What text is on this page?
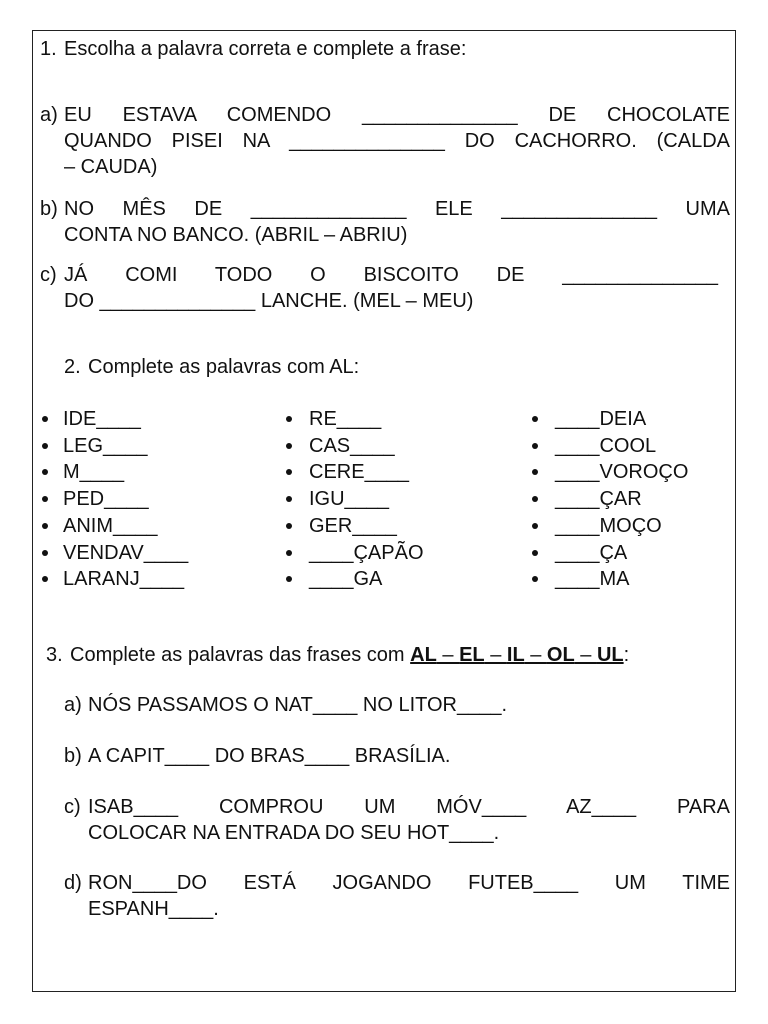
1. Escolha a palavra correta e complete a frase:
a) EU ESTAVA COMENDO ______________ DE CHOCOLATE
QUANDO PISEI NA ______________ DO CACHORRO. (CALDA
– CAUDA)
b) NO MÊS DE ______________ ELE ______________ UMA
CONTA NO BANCO. (ABRIL – ABRIU)
c) JÁ COMI TODO O BISCOITO DE ______________
DO ______________ LANCHE. (MEL – MEU)
2. Complete as palavras com AL:
IDE____
LEG____
M____
PED____
ANIM____
VENDAV____
LARANJ____
RE____
CAS____
CERE____
IGU____
GER____
____ÇAPÃO
____GA
____DEIA
____COOL
____VOROÇO
____ÇAR
____MOÇO
____ÇA
____MA
3. Complete as palavras das frases com AL – EL – IL – OL – UL:
a) NÓS PASSAMOS O NAT____ NO LITOR____.
b) A CAPIT____ DO BRAS____ BRASÍLIA.
c) ISAB____ COMPROU UM MÓV____ AZ____ PARA
COLOCAR NA ENTRADA DO SEU HOT____.
d) RON____DO ESTÁ JOGANDO FUTEB____ UM TIME
ESPANH____.
